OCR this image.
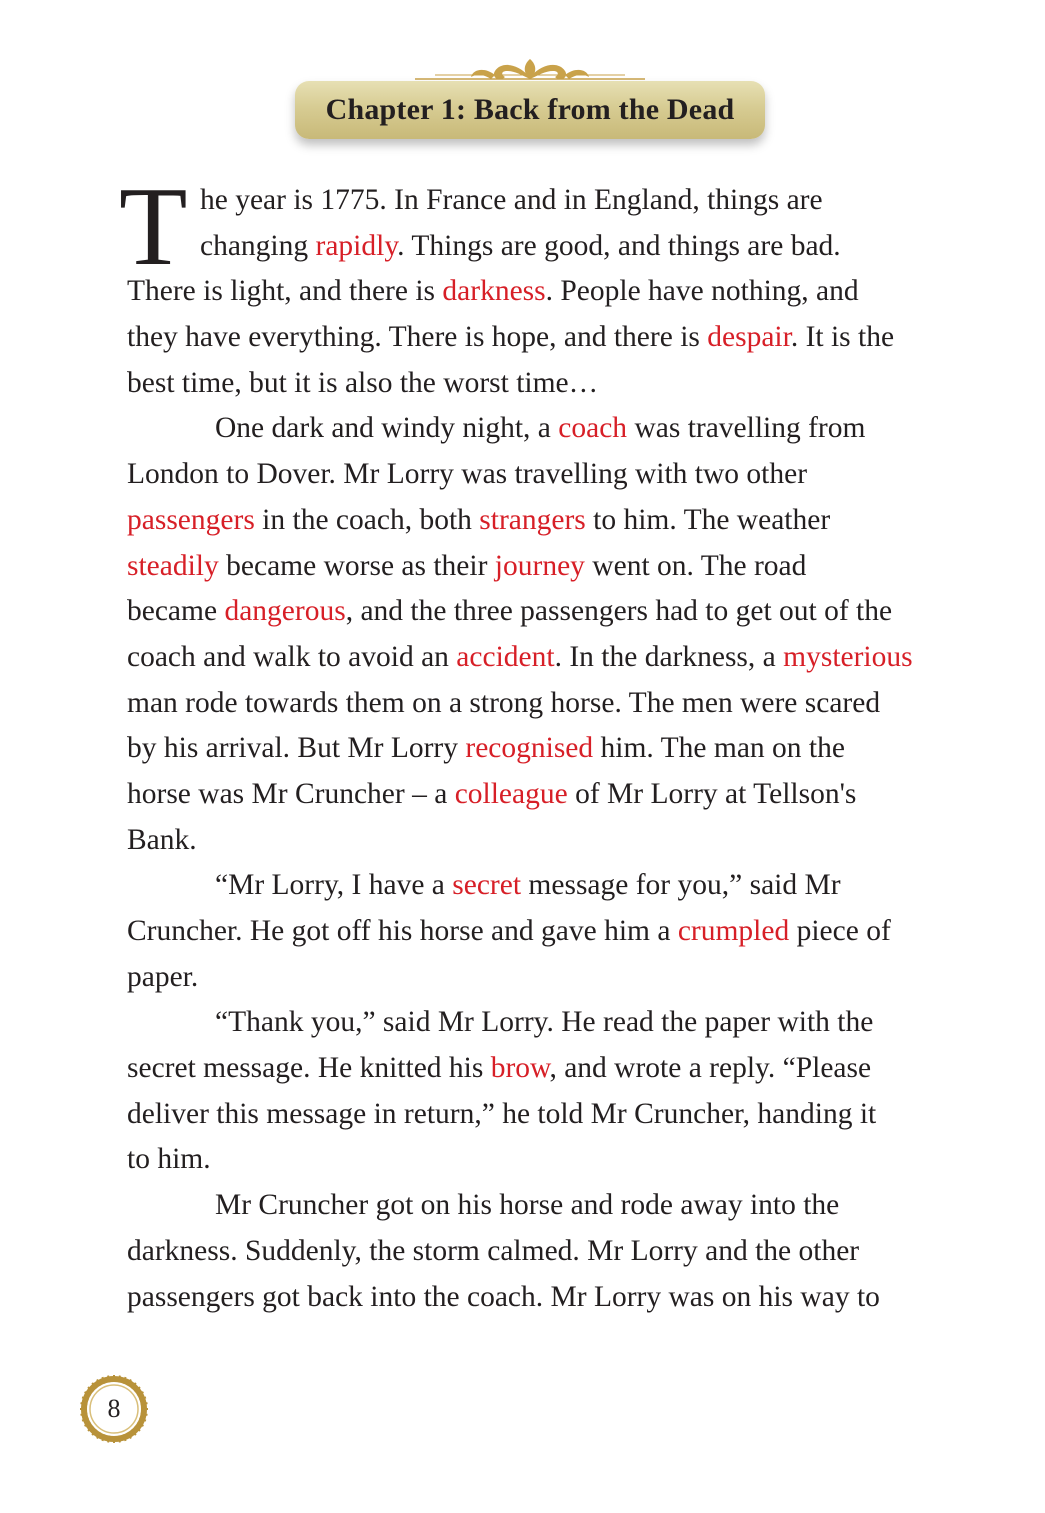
Chapter 1: Back from the Dead
T he year is 1775. In France and in England, things are
changing rapidly. Things are good, and things are bad.
There is light, and there is darkness. People have nothing, and
they have everything. There is hope, and there is despair. It is the
best time, but it is also the worst time…
One dark and windy night, a coach was travelling from
London to Dover. Mr Lorry was travelling with two other
passengers in the coach, both strangers to him. The weather
steadily became worse as their journey went on. The road
became dangerous, and the three passengers had to get out of the
coach and walk to avoid an accident. In the darkness, a mysterious
man rode towards them on a strong horse. The men were scared
by his arrival. But Mr Lorry recognised him. The man on the
horse was Mr Cruncher – a colleague of Mr Lorry at Tellson's
Bank.
“Mr Lorry, I have a secret message for you,” said Mr
Cruncher. He got off his horse and gave him a crumpled piece of
paper.
“Thank you,” said Mr Lorry. He read the paper with the
secret message. He knitted his brow, and wrote a reply. “Please
deliver this message in return,” he told Mr Cruncher, handing it
to him.
Mr Cruncher got on his horse and rode away into the
darkness. Suddenly, the storm calmed. Mr Lorry and the other
passengers got back into the coach. Mr Lorry was on his way to
8
